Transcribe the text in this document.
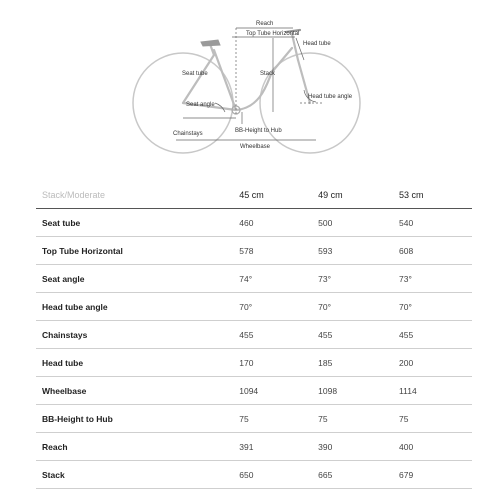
Reach
Top Tube Horizontal
Head tube
Seat tube	Stack
Head tube angle
Seat angle
Chainstays	BB-Height to Hub
Wheelbase
Stack/Moderate	45 cm	49 cm	53 cm
Seat tube	460	500	540
Top Tube Horizontal	578	593	608
Seat angle	74°	73°	73°
Head tube angle	70°	70°	70°
Chainstays	455	455	455
Head tube	170	185	200
Wheelbase	1094	1098	1114
BB-Height to Hub	75	75	75
Reach	391	390	400
Stack	650	665	679
